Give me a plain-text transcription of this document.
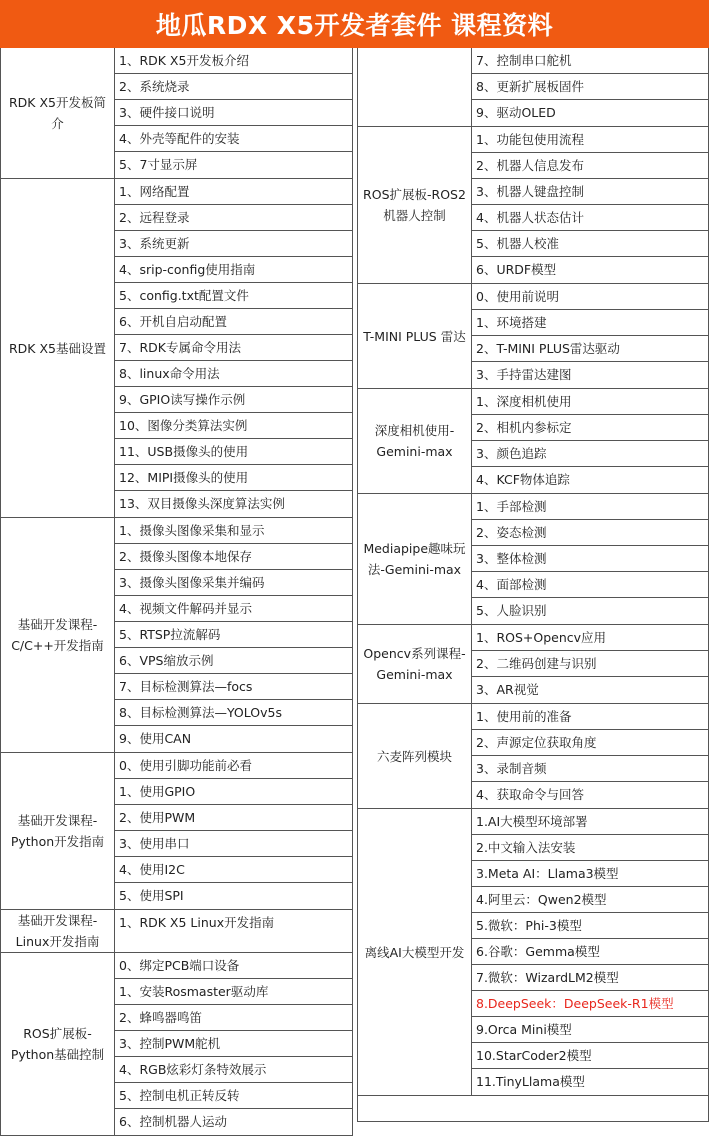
地瓜RDX X5开发者套件 课程资料
RDK X5开发板简介
1、RDK X5开发板介绍
2、系统烧录
3、硬件接口说明
4、外壳等配件的安装
5、7寸显示屏
RDK X5基础设置
1、网络配置
2、远程登录
3、系统更新
4、srip-config使用指南
5、config.txt配置文件
6、开机自启动配置
7、RDK专属命令用法
8、linux命令用法
9、GPIO读写操作示例
10、图像分类算法实例
11、USB摄像头的使用
12、MIPI摄像头的使用
13、双目摄像头深度算法实例
基础开发课程-C/C++开发指南
1、摄像头图像采集和显示
2、摄像头图像本地保存
3、摄像头图像采集并编码
4、视频文件解码并显示
5、RTSP拉流解码
6、VPS缩放示例
7、目标检测算法—focs
8、目标检测算法—YOLOv5s
9、使用CAN
基础开发课程-Python开发指南
0、使用引脚功能前必看
1、使用GPIO
2、使用PWM
3、使用串口
4、使用I2C
5、使用SPI
基础开发课程-Linux开发指南
1、RDK X5 Linux开发指南
ROS扩展板-Python基础控制
0、绑定PCB端口设备
1、安装Rosmaster驱动库
2、蜂鸣器鸣笛
3、控制PWM舵机
4、RGB炫彩灯条特效展示
5、控制电机正转反转
6、控制机器人运动
7、控制串口舵机
8、更新扩展板固件
9、驱动OLED
ROS扩展板-ROS2机器人控制
1、功能包使用流程
2、机器人信息发布
3、机器人键盘控制
4、机器人状态估计
5、机器人校准
6、URDF模型
T-MINI PLUS 雷达
0、使用前说明
1、环境搭建
2、T-MINI PLUS雷达驱动
3、手持雷达建图
深度相机使用-Gemini-max
1、深度相机使用
2、相机内参标定
3、颜色追踪
4、KCF物体追踪
Mediapipe趣味玩法-Gemini-max
1、手部检测
2、姿态检测
3、整体检测
4、面部检测
5、人脸识别
Opencv系列课程-Gemini-max
1、ROS+Opencv应用
2、二维码创建与识别
3、AR视觉
六麦阵列模块
1、使用前的准备
2、声源定位获取角度
3、录制音频
4、获取命令与回答
离线AI大模型开发
1.AI大模型环境部署
2.中文输入法安装
3.Meta AI：Llama3模型
4.阿里云：Qwen2模型
5.微软：Phi-3模型
6.谷歌：Gemma模型
7.微软：WizardLM2模型
8.DeepSeek：DeepSeek-R1模型
9.Orca Mini模型
10.StarCoder2模型
11.TinyLlama模型
